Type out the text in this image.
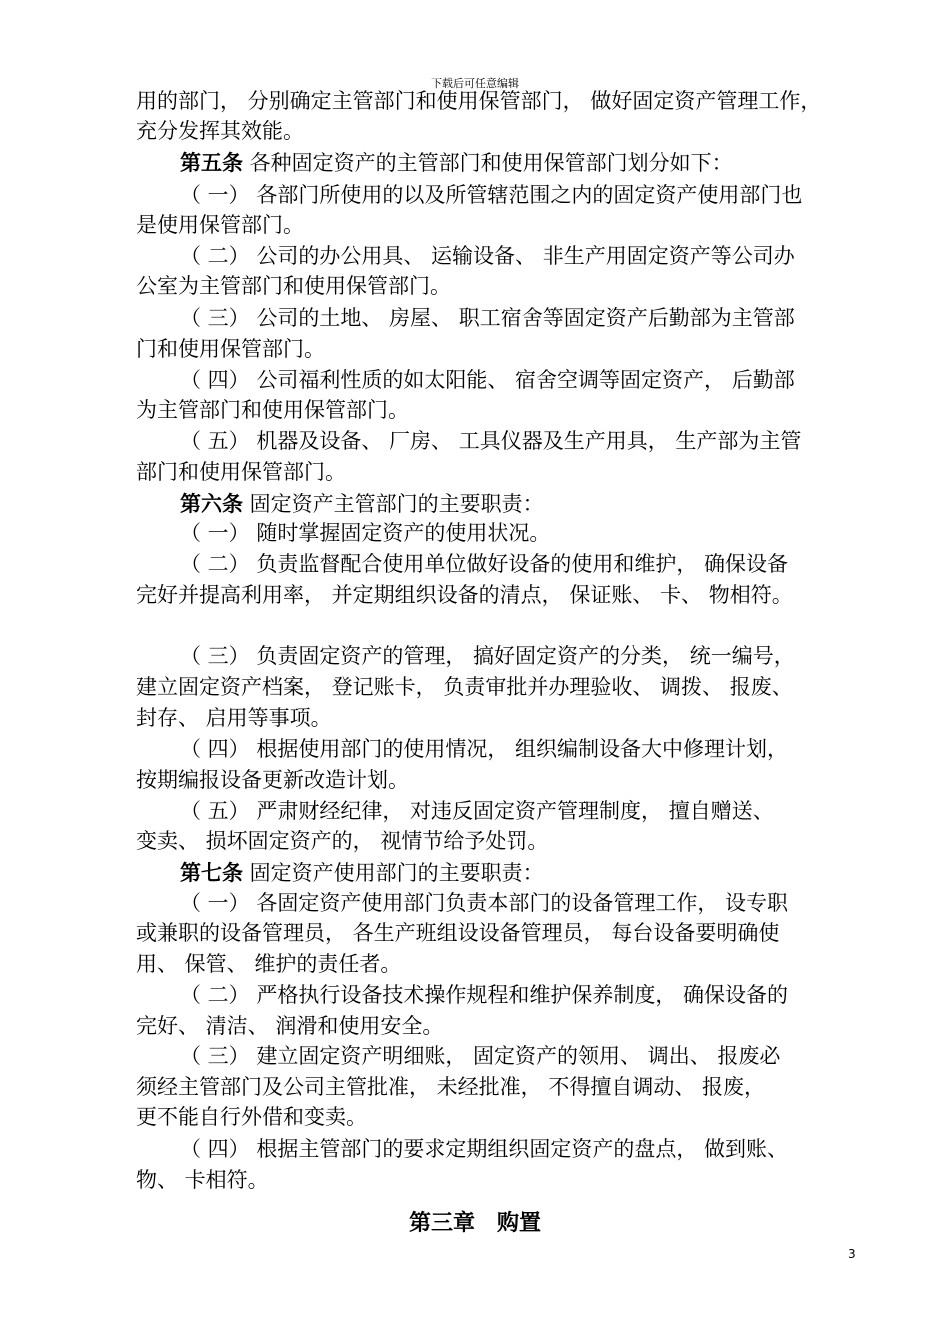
下载后可任意编辑
用的部门， 分别确定主管部门和使用保管部门， 做好固定资产管理工作，
充分发挥其效能。
第五条 各种固定资产的主管部门和使用保管部门划分如下：
（ 一） 各部门所使用的以及所管辖范围之内的固定资产使用部门也
是使用保管部门。
（ 二） 公司的办公用具、 运输设备、 非生产用固定资产等公司办
公室为主管部门和使用保管部门。
（ 三） 公司的土地、 房屋、 职工宿舍等固定资产后勤部为主管部
门和使用保管部门。
（ 四） 公司福利性质的如太阳能、 宿舍空调等固定资产， 后勤部
为主管部门和使用保管部门。
（ 五） 机器及设备、 厂房、 工具仪器及生产用具， 生产部为主管
部门和使用保管部门。
第六条 固定资产主管部门的主要职责：
（ 一） 随时掌握固定资产的使用状况。
（ 二） 负责监督配合使用单位做好设备的使用和维护， 确保设备
完好并提高利用率， 并定期组织设备的清点， 保证账、 卡、 物相符。
（ 三） 负责固定资产的管理， 搞好固定资产的分类， 统一编号，
建立固定资产档案， 登记账卡， 负责审批并办理验收、 调拨、 报废、
封存、 启用等事项。
（ 四） 根据使用部门的使用情况， 组织编制设备大中修理计划，
按期编报设备更新改造计划。
（ 五） 严肃财经纪律， 对违反固定资产管理制度， 擅自赠送、
变卖、 损坏固定资产的， 视情节给予处罚。
第七条 固定资产使用部门的主要职责：
（ 一） 各固定资产使用部门负责本部门的设备管理工作， 设专职
或兼职的设备管理员， 各生产班组设设备管理员， 每台设备要明确使
用、 保管、 维护的责任者。
（ 二） 严格执行设备技术操作规程和维护保养制度， 确保设备的
完好、 清洁、 润滑和使用安全。
（ 三） 建立固定资产明细账， 固定资产的领用、 调出、 报废必
须经主管部门及公司主管批准， 未经批准， 不得擅自调动、 报废，
更不能自行外借和变卖。
（ 四） 根据主管部门的要求定期组织固定资产的盘点， 做到账、
物、 卡相符。
第三章　购置
3
